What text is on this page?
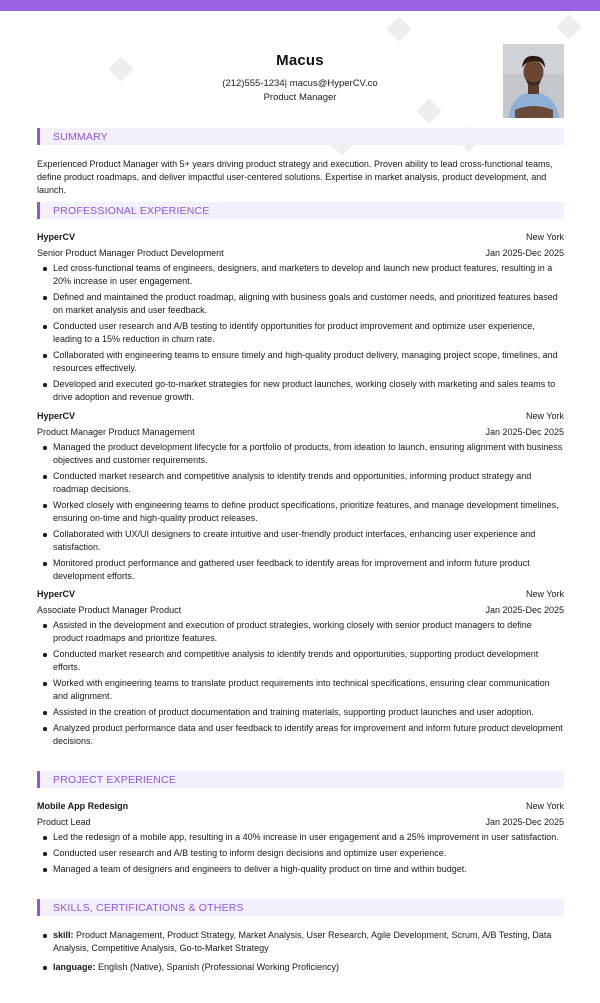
Macus
(212)555-1234| macus@HyperCV.co
Product Manager
SUMMARY
Experienced Product Manager with 5+ years driving product strategy and execution. Proven ability to lead cross-functional teams, define product roadmaps, and deliver impactful user-centered solutions. Expertise in market analysis, product development, and launch.
PROFESSIONAL EXPERIENCE
HyperCV	New York
Senior Product Manager Product Development	Jan 2025-Dec 2025
Led cross-functional teams of engineers, designers, and marketers to develop and launch new product features, resulting in a 20% increase in user engagement.
Defined and maintained the product roadmap, aligning with business goals and customer needs, and prioritized features based on market analysis and user feedback.
Conducted user research and A/B testing to identify opportunities for product improvement and optimize user experience, leading to a 15% reduction in churn rate.
Collaborated with engineering teams to ensure timely and high-quality product delivery, managing project scope, timelines, and resources effectively.
Developed and executed go-to-market strategies for new product launches, working closely with marketing and sales teams to drive adoption and revenue growth.
HyperCV	New York
Product Manager Product Management	Jan 2025-Dec 2025
Managed the product development lifecycle for a portfolio of products, from ideation to launch, ensuring alignment with business objectives and customer requirements.
Conducted market research and competitive analysis to identify trends and opportunities, informing product strategy and roadmap decisions.
Worked closely with engineering teams to define product specifications, prioritize features, and manage development timelines, ensuring on-time and high-quality product releases.
Collaborated with UX/UI designers to create intuitive and user-friendly product interfaces, enhancing user experience and satisfaction.
Monitored product performance and gathered user feedback to identify areas for improvement and inform future product development efforts.
HyperCV	New York
Associate Product Manager Product	Jan 2025-Dec 2025
Assisted in the development and execution of product strategies, working closely with senior product managers to define product roadmaps and prioritize features.
Conducted market research and competitive analysis to identify trends and opportunities, supporting product development efforts.
Worked with engineering teams to translate product requirements into technical specifications, ensuring clear communication and alignment.
Assisted in the creation of product documentation and training materials, supporting product launches and user adoption.
Analyzed product performance data and user feedback to identify areas for improvement and inform future product development decisions.
PROJECT EXPERIENCE
Mobile App Redesign	New York
Product Lead	Jan 2025-Dec 2025
Led the redesign of a mobile app, resulting in a 40% increase in user engagement and a 25% improvement in user satisfaction.
Conducted user research and A/B testing to inform design decisions and optimize user experience.
Managed a team of designers and engineers to deliver a high-quality product on time and within budget.
SKILLS, CERTIFICATIONS & OTHERS
skill: Product Management, Product Strategy, Market Analysis, User Research, Agile Development, Scrum, A/B Testing, Data Analysis, Competitive Analysis, Go-to-Market Strategy
language: English (Native), Spanish (Professional Working Proficiency)
